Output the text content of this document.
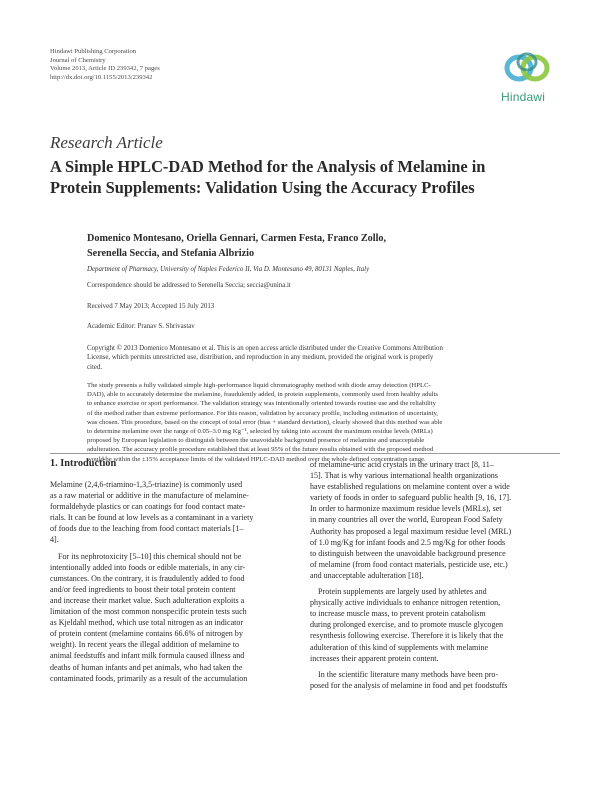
Hindawi Publishing Corporation
Journal of Chemistry
Volume 2013, Article ID 239342, 7 pages
http://dx.doi.org/10.1155/2013/239342
Hindawi
Research Article
A Simple HPLC-DAD Method for the Analysis of Melamine in
Protein Supplements: Validation Using the Accuracy Profiles
Domenico Montesano, Oriella Gennari, Carmen Festa, Franco Zollo,
Serenella Seccia, and Stefania Albrizio
Department of Pharmacy, University of Naples Federico II, Via D. Montesano 49, 80131 Naples, Italy
Correspondence should be addressed to Serenella Seccia; seccia@unina.it
Received 7 May 2013; Accepted 15 July 2013
Academic Editor: Pranav S. Shrivastav
Copyright © 2013 Domenico Montesano et al. This is an open access article distributed under the Creative Commons Attribution
License, which permits unrestricted use, distribution, and reproduction in any medium, provided the original work is properly
cited.
The study presents a fully validated simple high-performance liquid chromatography method with diode array detection (HPLC-
DAD), able to accurately determine the melamine, fraudulently added, in protein supplements, commonly used from healthy adults
to enhance exercise or sport performance. The validation strategy was intentionally oriented towards routine use and the reliability
of the method rather than extreme performance. For this reason, validation by accuracy profile, including estimation of uncertainty,
was chosen. This procedure, based on the concept of total error (bias + standard deviation), clearly showed that this method was able
to determine melamine over the range of 0.05–3.0 mg Kg⁻¹, selected by taking into account the maximum residue levels (MRLs)
proposed by European legislation to distinguish between the unavoidable background presence of melamine and unacceptable
adulteration. The accuracy profile procedure established that at least 95% of the future results obtained with the proposed method
would be within the ±15% acceptance limits of the validated HPLC-DAD method over the whole defined concentration range.
1. Introduction
Melamine (2,4,6-triamino-1,3,5-triazine) is commonly used
as a raw material or additive in the manufacture of melamine-
formaldehyde plastics or can coatings for food contact mate-
rials. It can be found at low levels as a contaminant in a variety
of foods due to the leaching from food contact materials [1–
4].
For its nephrotoxicity [5–10] this chemical should not be
intentionally added into foods or edible materials, in any cir-
cumstances. On the contrary, it is fraudulently added to food
and/or feed ingredients to boost their total protein content
and increase their market value. Such adulteration exploits a
limitation of the most common nonspecific protein tests such
as Kjeldahl method, which use total nitrogen as an indicator
of protein content (melamine contains 66.6% of nitrogen by
weight). In recent years the illegal addition of melamine to
animal feedstuffs and infant milk formula caused illness and
deaths of human infants and pet animals, who had taken the
contaminated foods, primarily as a result of the accumulation
of melamine-uric acid crystals in the urinary tract [8, 11–
15]. That is why various international health organizations
have established regulations on melamine content over a wide
variety of foods in order to safeguard public health [9, 16, 17].
In order to harmonize maximum residue levels (MRLs), set
in many countries all over the world, European Food Safety
Authority has proposed a legal maximum residue level (MRL)
of 1.0 mg/Kg for infant foods and 2.5 mg/Kg for other foods
to distinguish between the unavoidable background presence
of melamine (from food contact materials, pesticide use, etc.)
and unacceptable adulteration [18].
Protein supplements are largely used by athletes and
physically active individuals to enhance nitrogen retention,
to increase muscle mass, to prevent protein catabolism
during prolonged exercise, and to promote muscle glycogen
resynthesis following exercise. Therefore it is likely that the
adulteration of this kind of supplements with melamine
increases their apparent protein content.
In the scientific literature many methods have been pro-
posed for the analysis of melamine in food and pet foodstuffs
